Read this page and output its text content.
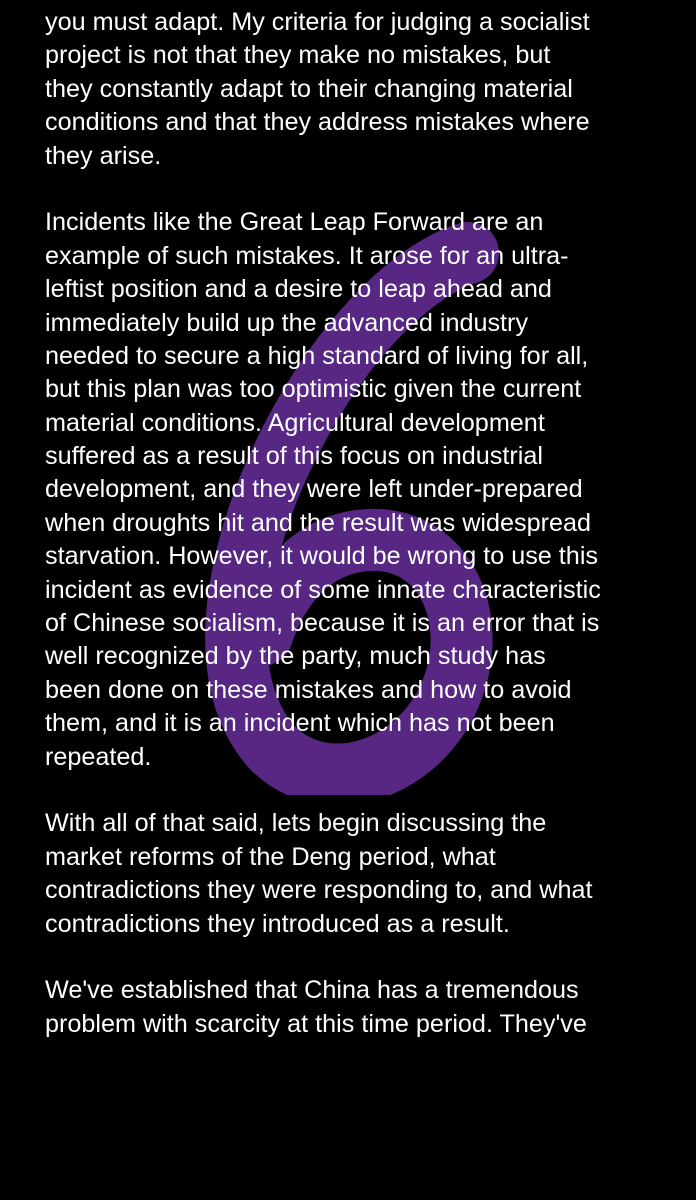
you must adapt. My criteria for judging a socialist
project is not that they make no mistakes, but
they constantly adapt to their changing material
conditions and that they address mistakes where
they arise.
Incidents like the Great Leap Forward are an
example of such mistakes. It arose for an ultra-
leftist position and a desire to leap ahead and
immediately build up the advanced industry
needed to secure a high standard of living for all,
but this plan was too optimistic given the current
material conditions. Agricultural development
suffered as a result of this focus on industrial
development, and they were left under-prepared
when droughts hit and the result was widespread
starvation. However, it would be wrong to use this
incident as evidence of some innate characteristic
of Chinese socialism, because it is an error that is
well recognized by the party, much study has
been done on these mistakes and how to avoid
them, and it is an incident which has not been
repeated.
With all of that said, lets begin discussing the
market reforms of the Deng period, what
contradictions they were responding to, and what
contradictions they introduced as a result.
We've established that China has a tremendous
problem with scarcity at this time period. They've
